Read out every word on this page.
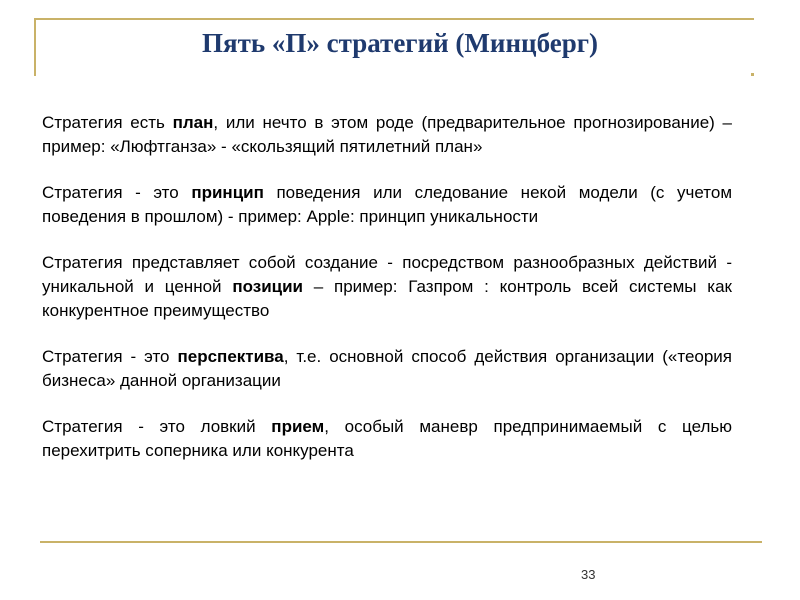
Пять «П» стратегий (Минцберг)

Стратегия есть план, или нечто в этом роде (предварительное прогнозирование) – пример: «Люфтганза» - «скользящий пятилетний план»

Стратегия - это принцип поведения или следование некой модели (с учетом поведения в прошлом) - пример: Apple: принцип уникальности

Стратегия представляет собой создание - посредством разнообразных действий - уникальной и ценной позиции – пример: Газпром : контроль всей системы как конкурентное преимущество

Стратегия - это перспектива, т.е. основной способ действия организации («теория бизнеса» данной организации

Стратегия - это ловкий прием, особый маневр предпринимаемый с целью перехитрить соперника или конкурента

33
